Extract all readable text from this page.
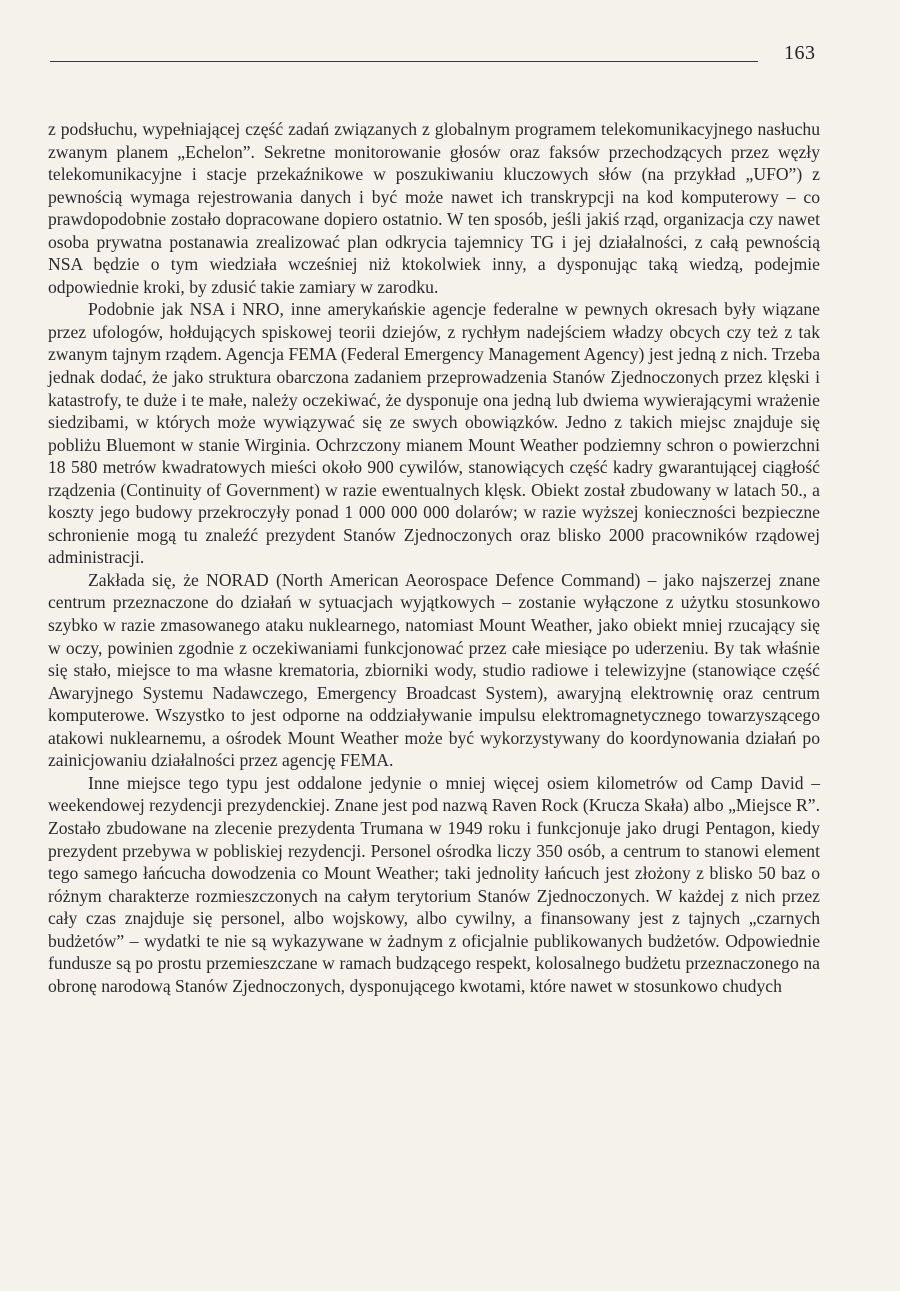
163

z podsłuchu, wypełniającej część zadań związanych z globalnym programem telekomunikacyjnego nasłuchu zwanym planem „Echelon”. Sekretne monitorowanie głosów oraz faksów przechodzących przez węzły telekomunikacyjne i stacje przekaźnikowe w poszukiwaniu kluczowych słów (na przykład „UFO”) z pewnością wymaga rejestrowania danych i być może nawet ich transkrypcji na kod komputerowy – co prawdopodobnie zostało dopracowane dopiero ostatnio. W ten sposób, jeśli jakiś rząd, organizacja czy nawet osoba prywatna postanawia zrealizować plan odkrycia tajemnicy TG i jej działalności, z całą pewnością NSA będzie o tym wiedziała wcześniej niż ktokolwiek inny, a dysponując taką wiedzą, podejmie odpowiednie kroki, by zdusić takie zamiary w zarodku.

Podobnie jak NSA i NRO, inne amerykańskie agencje federalne w pewnych okresach były wiązane przez ufologów, hołdujących spiskowej teorii dziejów, z rychłym nadejściem władzy obcych czy też z tak zwanym tajnym rządem. Agencja FEMA (Federal Emergency Management Agency) jest jedną z nich. Trzeba jednak dodać, że jako struktura obarczona zadaniem przeprowadzenia Stanów Zjednoczonych przez klęski i katastrofy, te duże i te małe, należy oczekiwać, że dysponuje ona jedną lub dwiema wywierającymi wrażenie siedzibami, w których może wywiązywać się ze swych obowiązków. Jedno z takich miejsc znajduje się pobliżu Bluemont w stanie Wirginia. Ochrzczony mianem Mount Weather podziemny schron o powierzchni 18 580 metrów kwadratowych mieści około 900 cywilów, stanowiących część kadry gwarantującej ciągłość rządzenia (Continuity of Government) w razie ewentualnych klęsk. Obiekt został zbudowany w latach 50., a koszty jego budowy przekroczyły ponad 1 000 000 000 dolarów; w razie wyższej konieczności bezpieczne schronienie mogą tu znaleźć prezydent Stanów Zjednoczonych oraz blisko 2000 pracowników rządowej administracji.

Zakłada się, że NORAD (North American Aeorospace Defence Command) – jako najszerzej znane centrum przeznaczone do działań w sytuacjach wyjątkowych – zostanie wyłączone z użytku stosunkowo szybko w razie zmasowanego ataku nuklearnego, natomiast Mount Weather, jako obiekt mniej rzucający się w oczy, powinien zgodnie z oczekiwaniami funkcjonować przez całe miesiące po uderzeniu. By tak właśnie się stało, miejsce to ma własne krematoria, zbiorniki wody, studio radiowe i telewizyjne (stanowiące część Awaryjnego Systemu Nadawczego, Emergency Broadcast System), awaryjną elektrownię oraz centrum komputerowe. Wszystko to jest odporne na oddziaływanie impulsu elektromagnetycznego towarzyszącego atakowi nuklearnemu, a ośrodek Mount Weather może być wykorzystywany do koordynowania działań po zainicjowaniu działalności przez agencję FEMA.

Inne miejsce tego typu jest oddalone jedynie o mniej więcej osiem kilometrów od Camp David – weekendowej rezydencji prezydenckiej. Znane jest pod nazwą Raven Rock (Krucza Skała) albo „Miejsce R”. Zostało zbudowane na zlecenie prezydenta Trumana w 1949 roku i funkcjonuje jako drugi Pentagon, kiedy prezydent przebywa w pobliskiej rezydencji. Personel ośrodka liczy 350 osób, a centrum to stanowi element tego samego łańcucha dowodzenia co Mount Weather; taki jednolity łańcuch jest złożony z blisko 50 baz o różnym charakterze rozmieszczonych na całym terytorium Stanów Zjednoczonych. W każdej z nich przez cały czas znajduje się personel, albo wojskowy, albo cywilny, a finansowany jest z tajnych „czarnych budżetów” – wydatki te nie są wykazywane w żadnym z oficjalnie publikowanych budżetów. Odpowiednie fundusze są po prostu przemieszczane w ramach budzącego respekt, kolosalnego budżetu przeznaczonego na obronę narodową Stanów Zjednoczonych, dysponującego kwotami, które nawet w stosunkowo chudych
